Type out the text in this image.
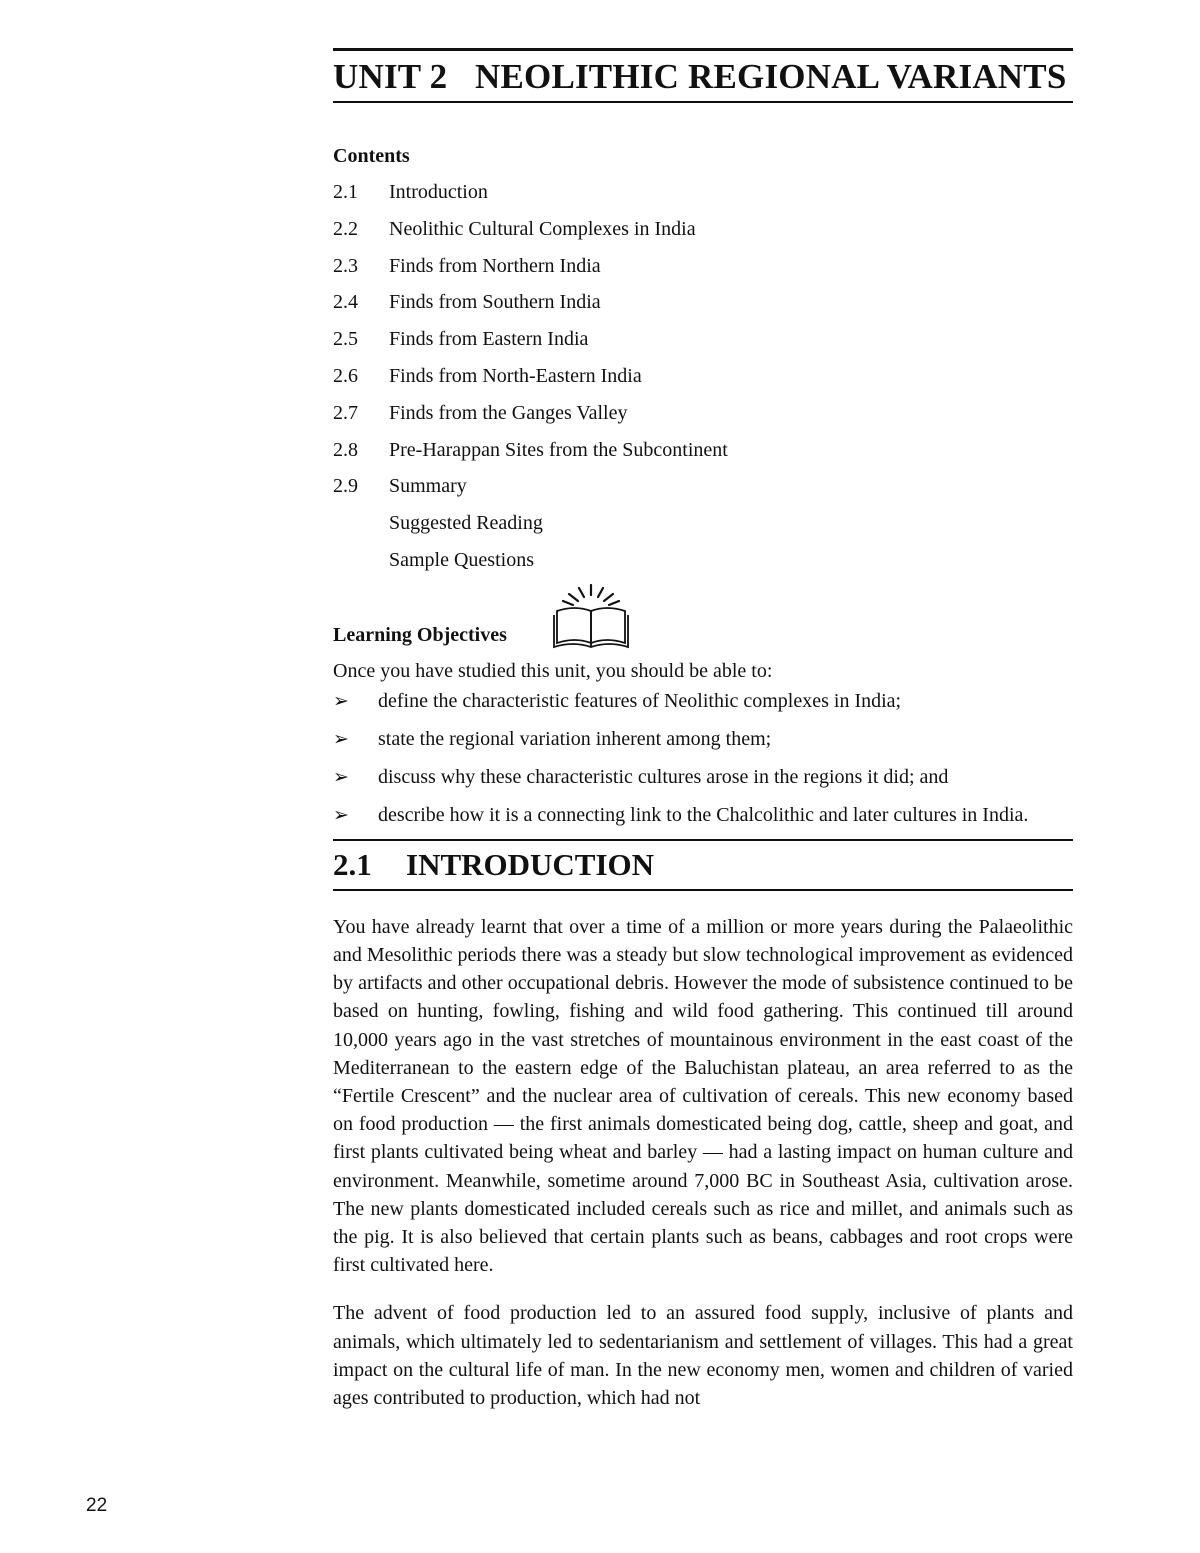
UNIT 2 NEOLITHIC REGIONAL VARIANTS
Contents
2.1	Introduction
2.2	Neolithic Cultural Complexes in India
2.3	Finds from Northern India
2.4	Finds from Southern India
2.5	Finds from Eastern India
2.6	Finds from North-Eastern India
2.7	Finds from the Ganges Valley
2.8	Pre-Harappan Sites from the Subcontinent
2.9	Summary
Suggested Reading
Sample Questions
Learning Objectives
Once you have studied this unit, you should be able to:
➢	define the characteristic features of Neolithic complexes in India;
➢	state the regional variation inherent among them;
➢	discuss why these characteristic cultures arose in the regions it did; and
➢	describe how it is a connecting link to the Chalcolithic and later cultures in India.
2.1 INTRODUCTION

You have already learnt that over a time of a million or more years during the Palaeolithic and Mesolithic periods there was a steady but slow technological improvement as evidenced by artifacts and other occupational debris. However the mode of subsistence continued to be based on hunting, fowling, fishing and wild food gathering. This continued till around 10,000 years ago in the vast stretches of mountainous environment in the east coast of the Mediterranean to the eastern edge of the Baluchistan plateau, an area referred to as the “Fertile Crescent” and the nuclear area of cultivation of cereals. This new economy based on food production — the first animals domesticated being dog, cattle, sheep and goat, and first plants cultivated being wheat and barley — had a lasting impact on human culture and environment. Meanwhile, sometime around 7,000 BC in Southeast Asia, cultivation arose. The new plants domesticated included cereals such as rice and millet, and animals such as the pig. It is also believed that certain plants such as beans, cabbages and root crops were first cultivated here.

The advent of food production led to an assured food supply, inclusive of plants and animals, which ultimately led to sedentarianism and settlement of villages. This had a great impact on the cultural life of man. In the new economy men, women and children of varied ages contributed to production, which had not

22
